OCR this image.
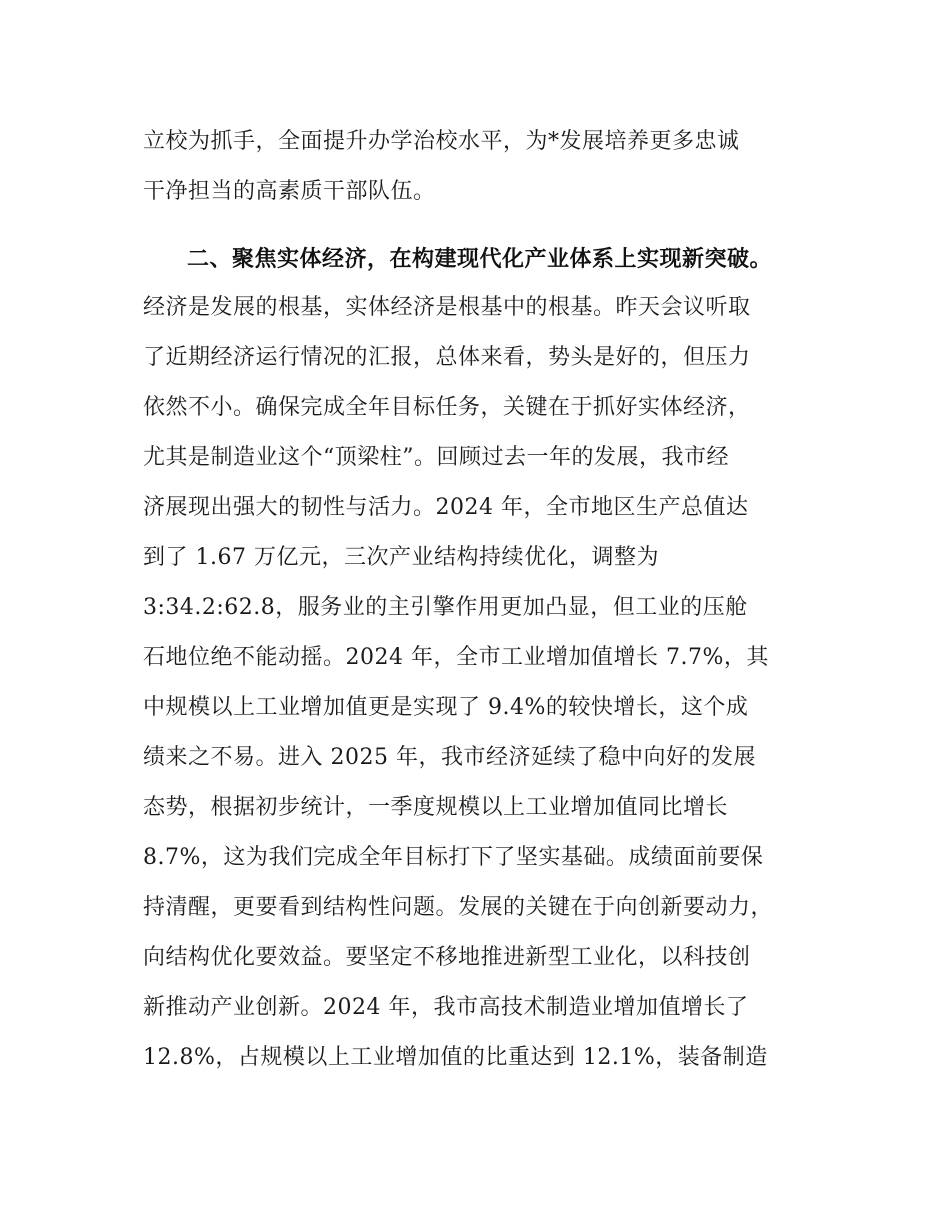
立校为抓手，全面提升办学治校水平，为*发展培养更多忠诚
干净担当的高素质干部队伍。
二、聚焦实体经济，在构建现代化产业体系上实现新突破。
经济是发展的根基，实体经济是根基中的根基。昨天会议听取
了近期经济运行情况的汇报，总体来看，势头是好的，但压力
依然不小。确保完成全年目标任务，关键在于抓好实体经济，
尤其是制造业这个“顶梁柱”。回顾过去一年的发展，我市经
济展现出强大的韧性与活力。2024 年，全市地区生产总值达
到了 1.67 万亿元，三次产业结构持续优化，调整为
3:34.2:62.8，服务业的主引擎作用更加凸显，但工业的压舱
石地位绝不能动摇。2024 年，全市工业增加值增长 7.7%，其
中规模以上工业增加值更是实现了 9.4%的较快增长，这个成
绩来之不易。进入 2025 年，我市经济延续了稳中向好的发展
态势，根据初步统计，一季度规模以上工业增加值同比增长
8.7%，这为我们完成全年目标打下了坚实基础。成绩面前要保
持清醒，更要看到结构性问题。发展的关键在于向创新要动力，
向结构优化要效益。要坚定不移地推进新型工业化，以科技创
新推动产业创新。2024 年，我市高技术制造业增加值增长了
12.8%，占规模以上工业增加值的比重达到 12.1%，装备制造
